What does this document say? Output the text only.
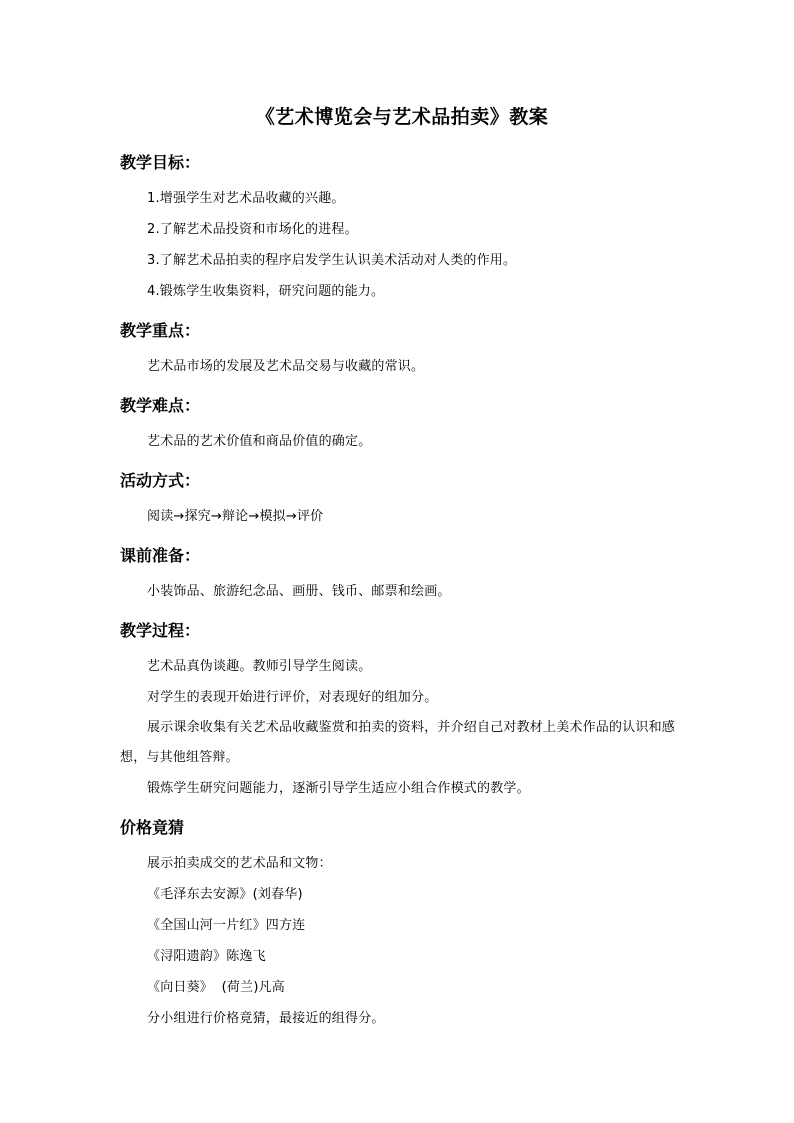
《艺术博览会与艺术品拍卖》教案
教学目标：

1.增强学生对艺术品收藏的兴趣。

2.了解艺术品投资和市场化的进程。

3.了解艺术品拍卖的程序启发学生认识美术活动对人类的作用。

4.锻炼学生收集资料，研究问题的能力。

教学重点：

艺术品市场的发展及艺术品交易与收藏的常识。

教学难点：

艺术品的艺术价值和商品价值的确定。

活动方式：

阅读→探究→辩论→模拟→评价

课前准备：

小装饰品、旅游纪念品、画册、钱币、邮票和绘画。

教学过程：

艺术品真伪谈趣。教师引导学生阅读。

对学生的表现开始进行评价，对表现好的组加分。

展示课余收集有关艺术品收藏鉴赏和拍卖的资料，并介绍自己对教材上美术作品的认识和感想，与其他组答辩。

锻炼学生研究问题能力，逐渐引导学生适应小组合作模式的教学。

价格竟猜

展示拍卖成交的艺术品和文物：

《毛泽东去安源》(刘春华)

《全国山河一片红》四方连

《浔阳遗韵》陈逸飞

《向日葵》  (荷兰)凡高

分小组进行价格竟猜，最接近的组得分。
